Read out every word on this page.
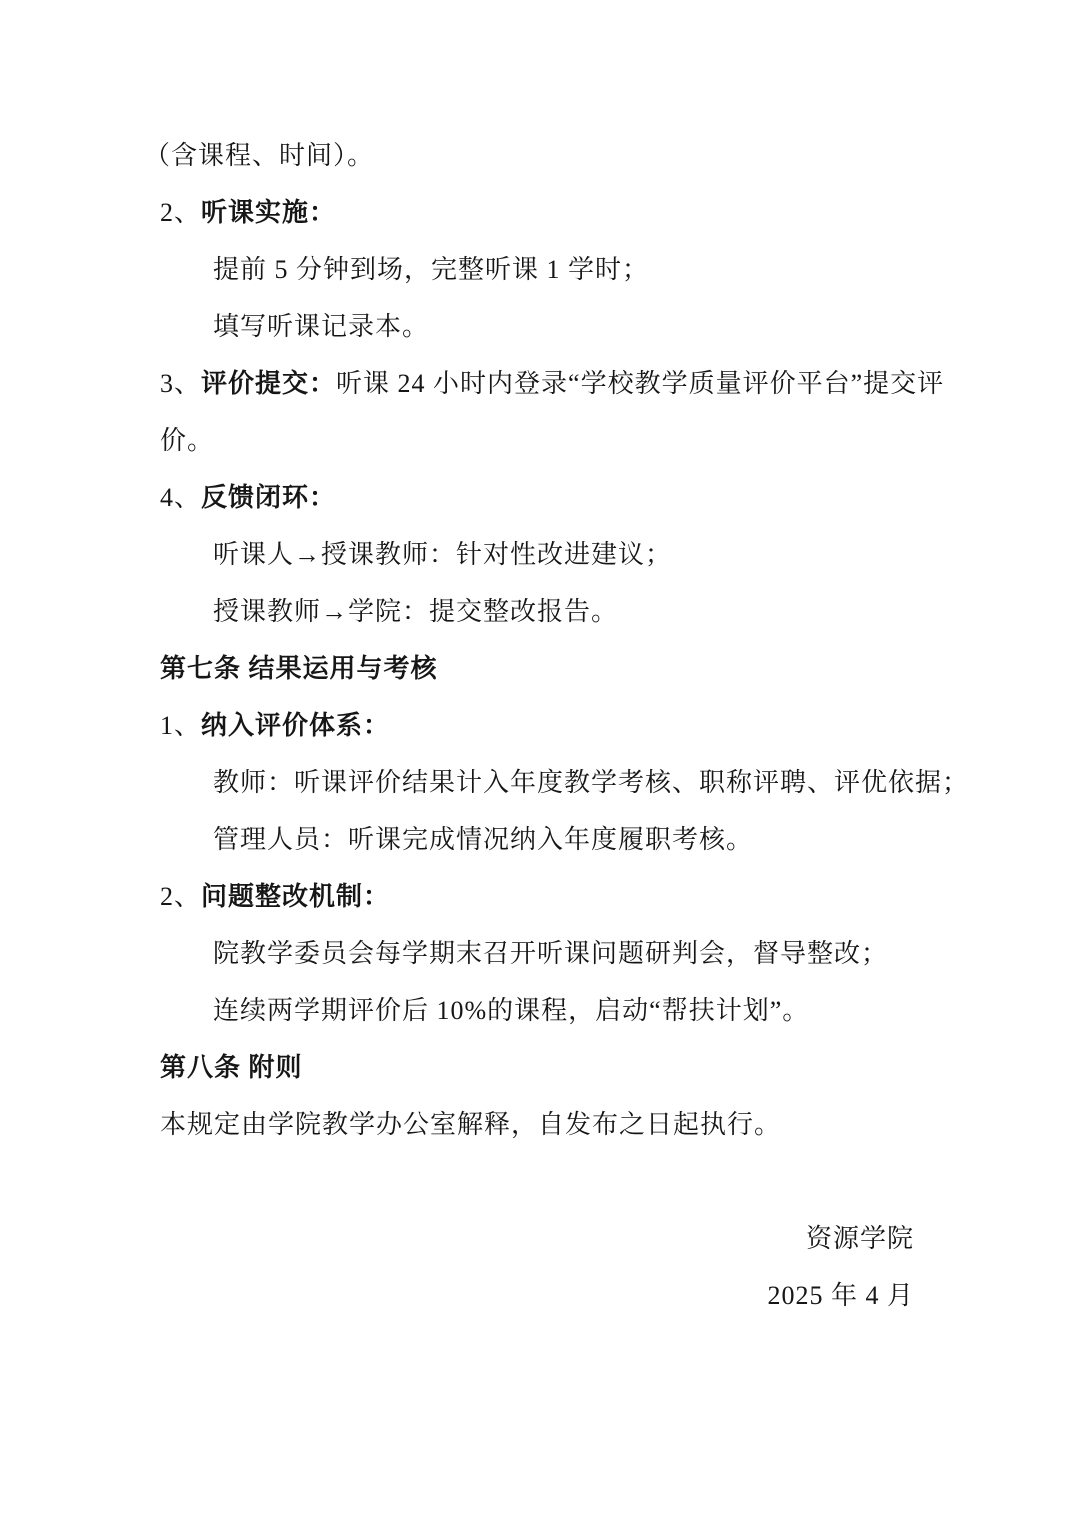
（含课程、时间）。

2、听课实施：

提前 5 分钟到场，完整听课 1 学时；

填写听课记录本。

3、评价提交：听课 24 小时内登录“学校教学质量评价平台”提交评

价。

4、反馈闭环：

听课人→授课教师：针对性改进建议；

授课教师→学院：提交整改报告。

第七条 结果运用与考核

1、纳入评价体系：

教师：听课评价结果计入年度教学考核、职称评聘、评优依据；

管理人员：听课完成情况纳入年度履职考核。

2、问题整改机制：

院教学委员会每学期末召开听课问题研判会，督导整改；

连续两学期评价后 10%的课程，启动“帮扶计划”。

第八条 附则

本规定由学院教学办公室解释，自发布之日起执行。

资源学院

2025 年 4 月
